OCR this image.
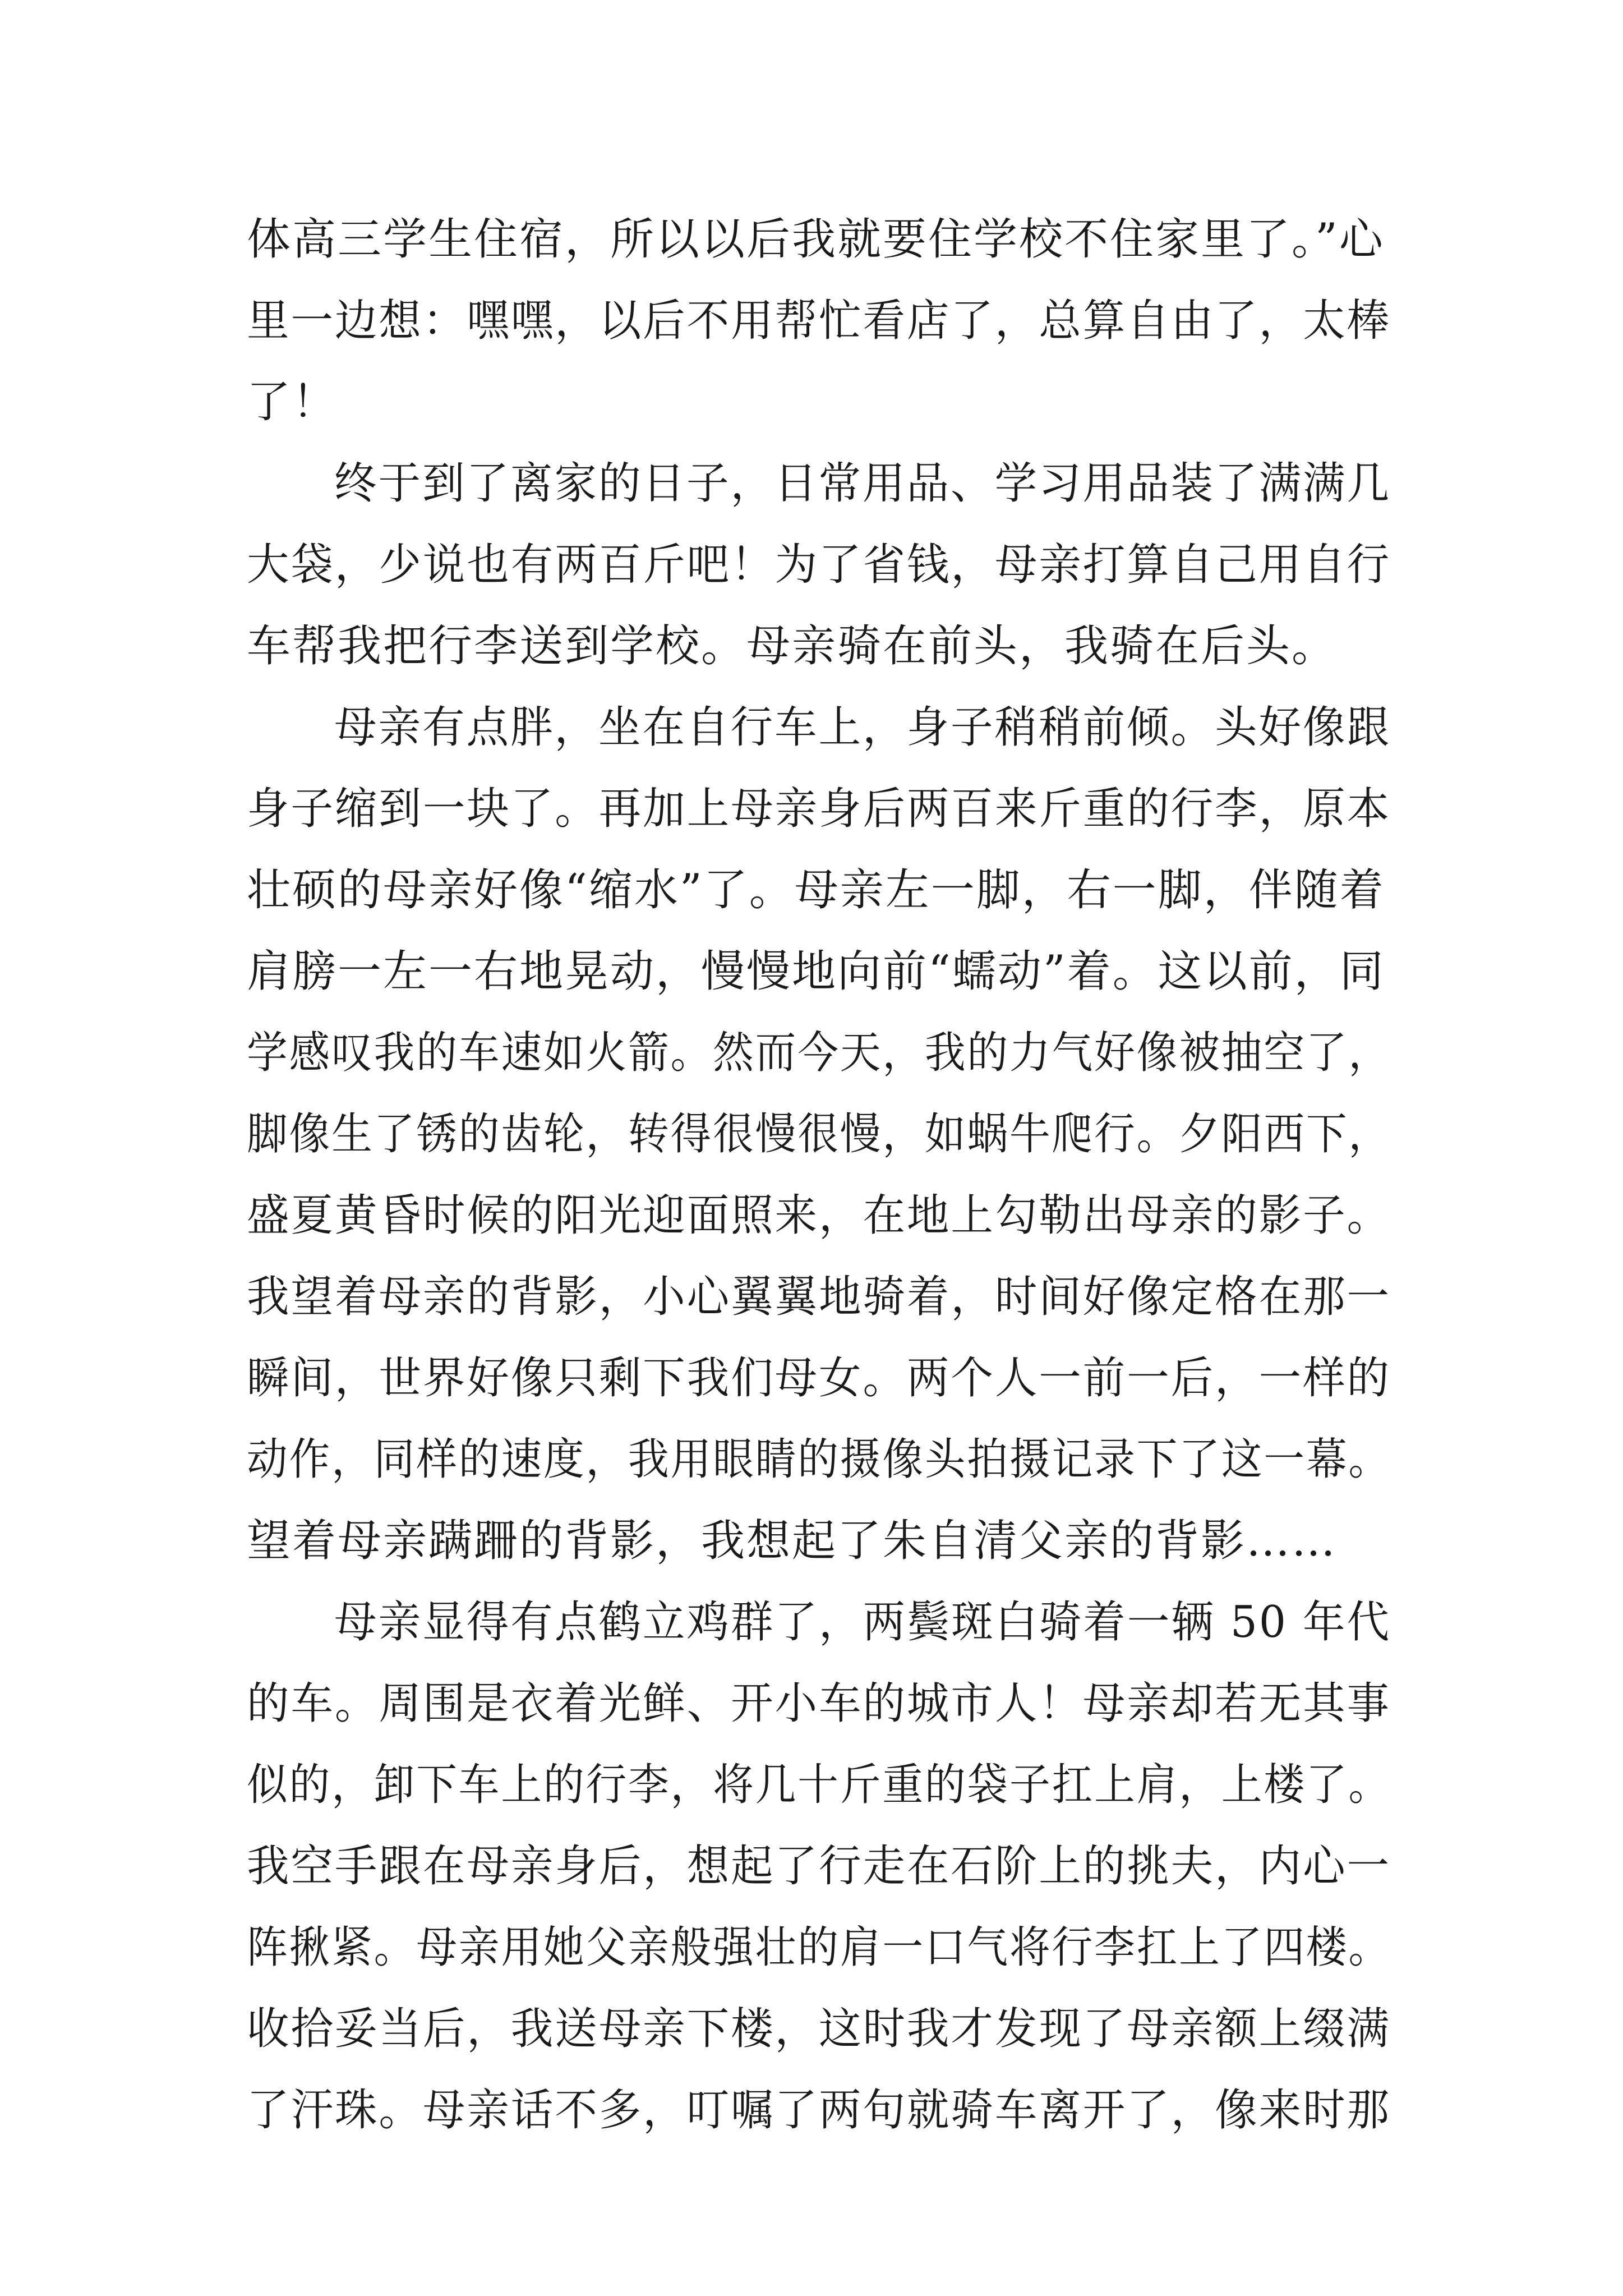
体高三学生住宿，所以以后我就要住学校不住家里了。”心
里一边想：嘿嘿，以后不用帮忙看店了，总算自由了，太棒
了！
终于到了离家的日子，日常用品、学习用品装了满满几
大袋，少说也有两百斤吧！为了省钱，母亲打算自己用自行
车帮我把行李送到学校。母亲骑在前头，我骑在后头。
母亲有点胖，坐在自行车上，身子稍稍前倾。头好像跟
身子缩到一块了。再加上母亲身后两百来斤重的行李，原本
壮硕的母亲好像“缩水”了。母亲左一脚，右一脚，伴随着
肩膀一左一右地晃动，慢慢地向前“蠕动”着。这以前，同
学感叹我的车速如火箭。然而今天，我的力气好像被抽空了，
脚像生了锈的齿轮，转得很慢很慢，如蜗牛爬行。夕阳西下，
盛夏黄昏时候的阳光迎面照来，在地上勾勒出母亲的影子。
我望着母亲的背影，小心翼翼地骑着，时间好像定格在那一
瞬间，世界好像只剩下我们母女。两个人一前一后，一样的
动作，同样的速度，我用眼睛的摄像头拍摄记录下了这一幕。
望着母亲蹒跚的背影，我想起了朱自清父亲的背影……
母亲显得有点鹤立鸡群了，两鬓斑白骑着一辆 50 年代
的车。周围是衣着光鲜、开小车的城市人！母亲却若无其事
似的，卸下车上的行李，将几十斤重的袋子扛上肩，上楼了。
我空手跟在母亲身后，想起了行走在石阶上的挑夫，内心一
阵揪紧。母亲用她父亲般强壮的肩一口气将行李扛上了四楼。
收拾妥当后，我送母亲下楼，这时我才发现了母亲额上缀满
了汗珠。母亲话不多，叮嘱了两句就骑车离开了，像来时那
